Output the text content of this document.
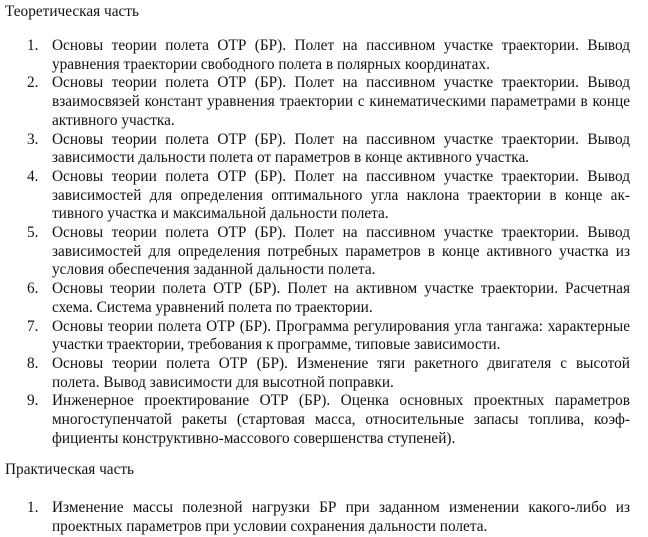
Теоретическая часть
1. Основы теории полета ОТР (БР). Полет на пассивном участке траектории. Вывод уравнения траектории свободного полета в полярных координатах.
2. Основы теории полета ОТР (БР). Полет на пассивном участке траектории. Вывод взаимосвязей констант уравнения траектории с кинематическими параметрами в конце активного участка.
3. Основы теории полета ОТР (БР). Полет на пассивном участке траектории. Вывод зависимости дальности полета от параметров в конце активного участка.
4. Основы теории полета ОТР (БР). Полет на пассивном участке траектории. Вывод зависимостей для определения оптимального угла наклона траектории в конце активного участка и максимальной дальности полета.
5. Основы теории полета ОТР (БР). Полет на пассивном участке траектории. Вывод зависимостей для определения потребных параметров в конце активного участка из условия обеспечения заданной дальности полета.
6. Основы теории полета ОТР (БР). Полет на активном участке траектории. Расчетная схема. Система уравнений полета по траектории.
7. Основы теории полета ОТР (БР). Программа регулирования угла тангажа: характерные участки траектории, требования к программе, типовые зависимости.
8. Основы теории полета ОТР (БР). Изменение тяги ракетного двигателя с высотой полета. Вывод зависимости для высотной поправки.
9. Инженерное проектирование ОТР (БР). Оценка основных проектных параметров многоступенчатой ракеты (стартовая масса, относительные запасы топлива, коэффициенты конструктивно-массового совершенства ступеней).
Практическая часть
1. Изменение массы полезной нагрузки БР при заданном изменении какого-либо из проектных параметров при условии сохранения дальности полета.
